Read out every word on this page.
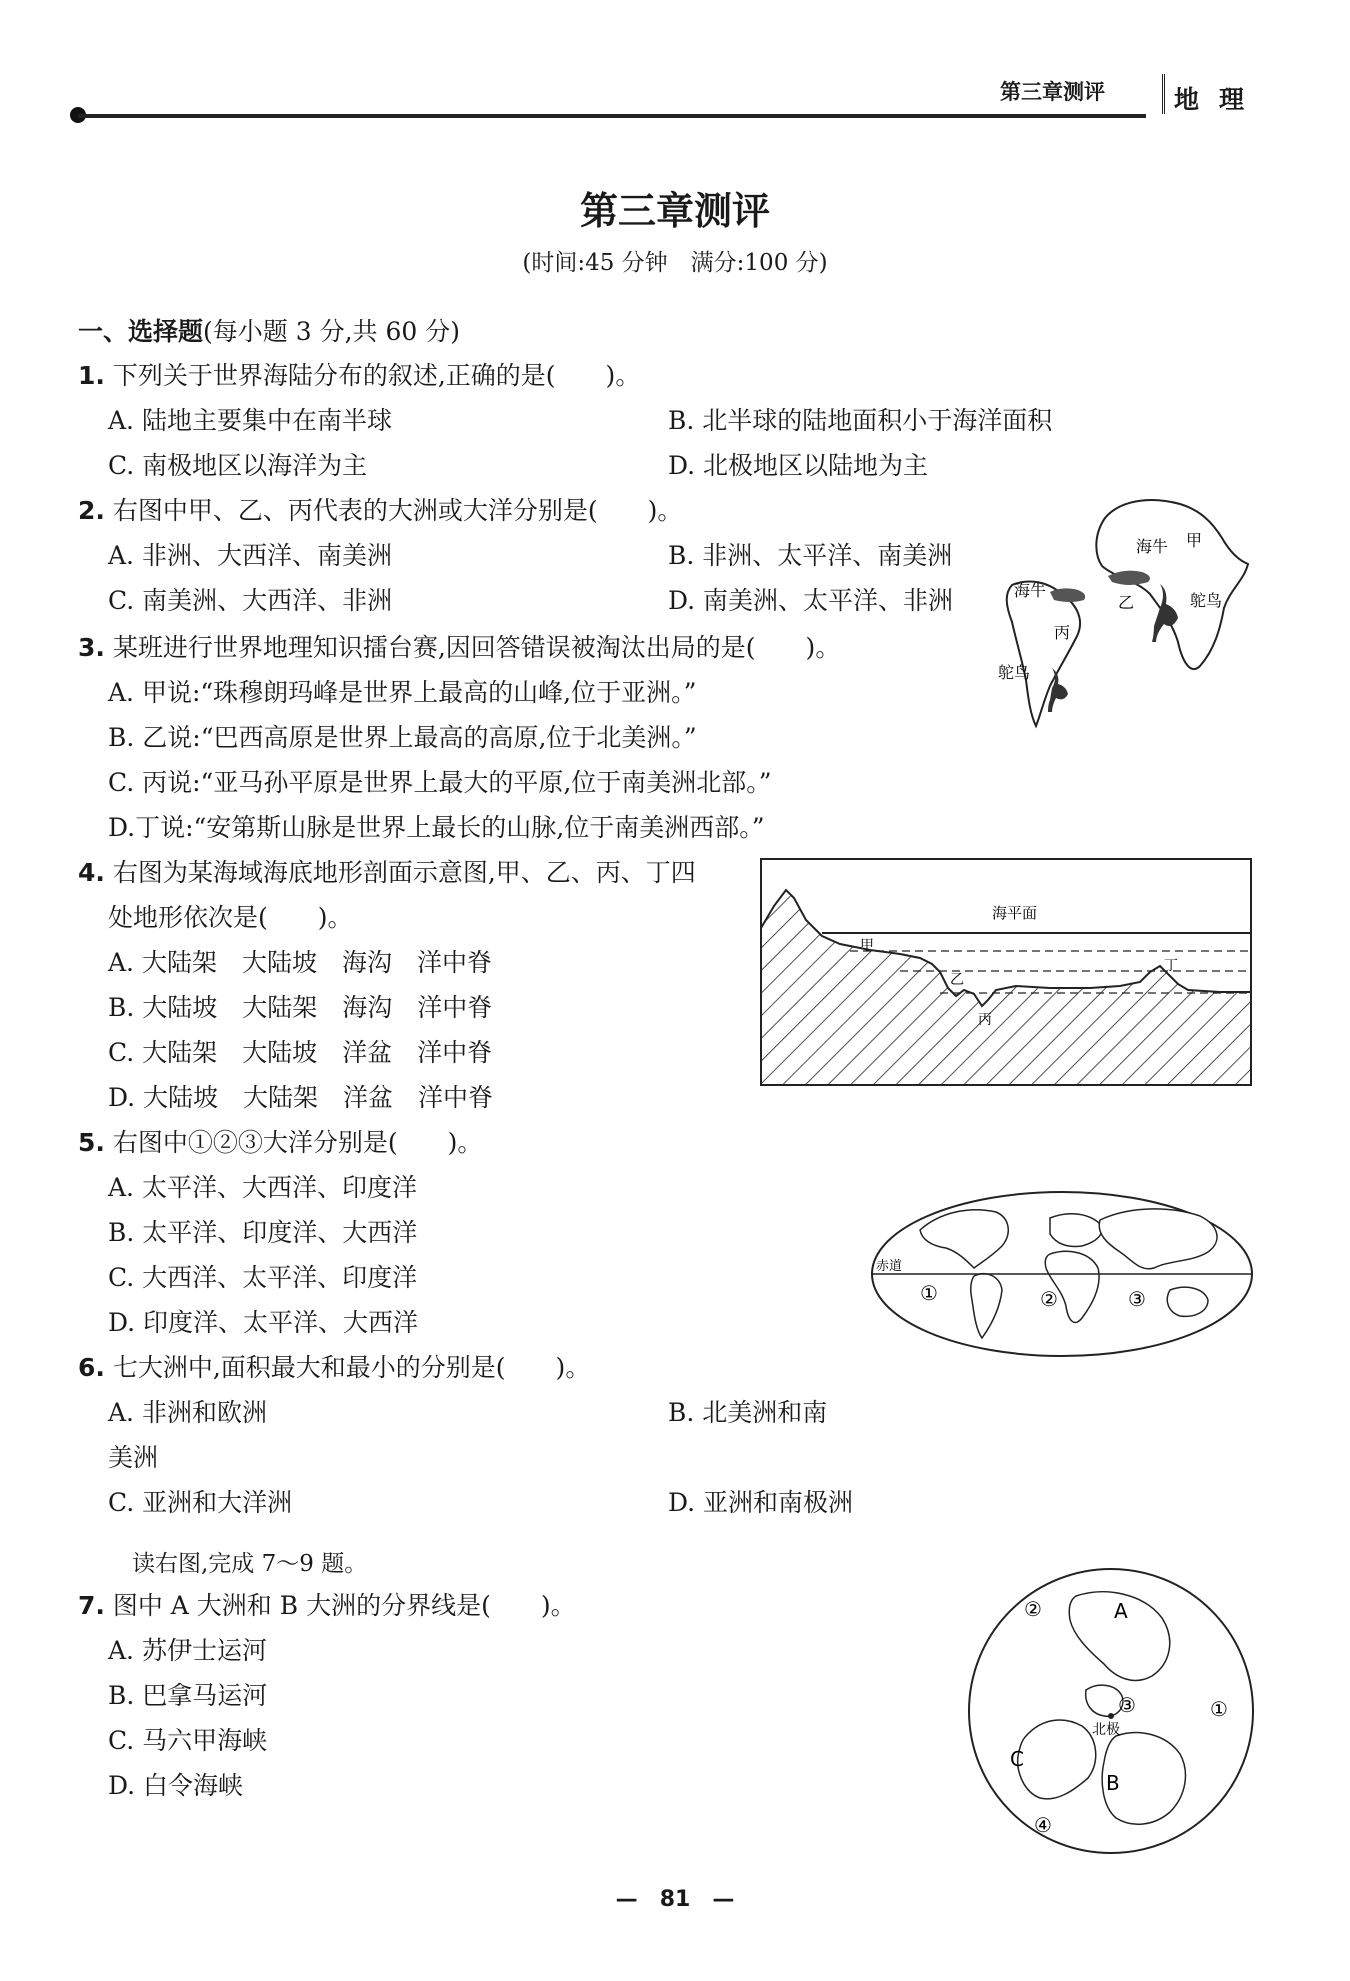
第三章测评	地理
第三章测评
(时间:45 分钟　满分:100 分)
一、选择题(每小题 3 分,共 60 分)
1. 下列关于世界海陆分布的叙述,正确的是(　　)。
A. 陆地主要集中在南半球	B. 北半球的陆地面积小于海洋面积
C. 南极地区以海洋为主	D. 北极地区以陆地为主
2. 右图中甲、乙、丙代表的大洲或大洋分别是(　　)。
A. 非洲、大西洋、南美洲	B. 非洲、太平洋、南美洲
C. 南美洲、大西洋、非洲	D. 南美洲、太平洋、非洲
海牛 甲
海牛
乙	鸵鸟
丙
鸵鸟
3. 某班进行世界地理知识擂台赛,因回答错误被淘汰出局的是(　　)。
A. 甲说:“珠穆朗玛峰是世界上最高的山峰,位于亚洲。”
B. 乙说:“巴西高原是世界上最高的高原,位于北美洲。”
C. 丙说:“亚马孙平原是世界上最大的平原,位于南美洲北部。”
D.丁说:“安第斯山脉是世界上最长的山脉,位于南美洲西部。”
4. 右图为某海域海底地形剖面示意图,甲、乙、丙、丁四
处地形依次是(　　)。
A. 大陆架　大陆坡　海沟　洋中脊
B. 大陆坡　大陆架　海沟　洋中脊
C. 大陆架　大陆坡　洋盆　洋中脊
D. 大陆坡　大陆架　洋盆　洋中脊
海平面
甲
乙
丙
丁
5. 右图中①②③大洋分别是(　　)。
A. 太平洋、大西洋、印度洋
B. 太平洋、印度洋、大西洋
C. 大西洋、太平洋、印度洋
D. 印度洋、太平洋、大西洋
赤道
①	②	③
6. 七大洲中,面积最大和最小的分别是(　　)。
A. 非洲和欧洲	B. 北美洲和南
美洲
C. 亚洲和大洋洲	D. 亚洲和南极洲
读右图,完成 7～9 题。
7. 图中 A 大洲和 B 大洲的分界线是(　　)。
A. 苏伊士运河
B. 巴拿马运河
C. 马六甲海峡
D. 白令海峡
A
C
B
②
③	①
④
北极
—　81　—
